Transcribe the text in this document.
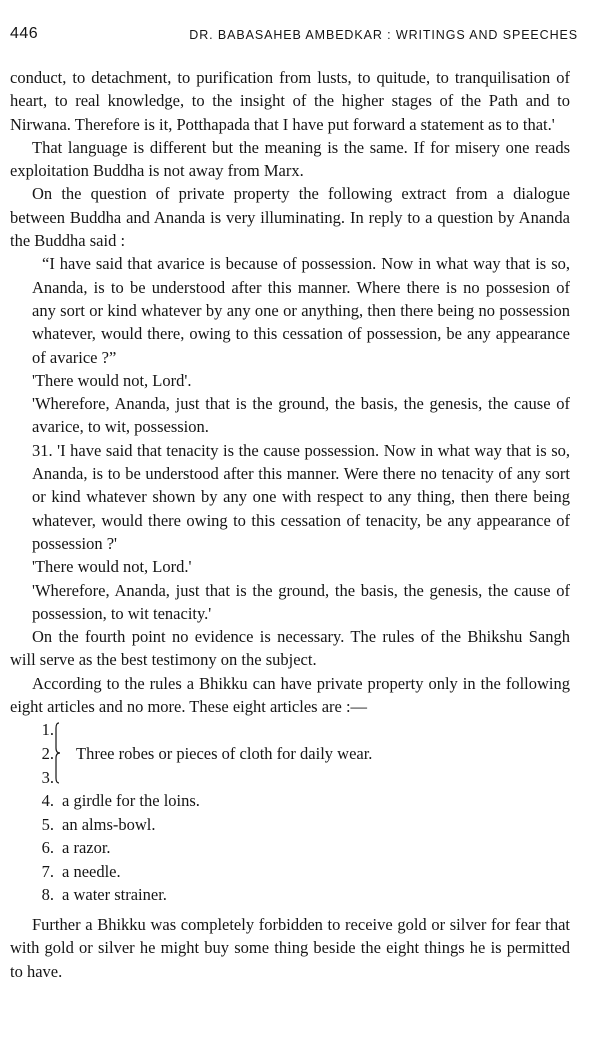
446	DR. BABASAHEB AMBEDKAR : WRITINGS AND SPEECHES

conduct, to detachment, to purification from lusts, to quitude, to tranquilisation of heart, to real knowledge, to the insight of the higher stages of the Path and to Nirwana. Therefore is it, Potthapada that I have put forward a statement as to that.'

That language is different but the meaning is the same. If for misery one reads exploitation Buddha is not away from Marx.

On the question of private property the following extract from a dialogue between Buddha and Ananda is very illuminating. In reply to a question by Ananda the Buddha said :

“I have said that avarice is because of possession. Now in what way that is so, Ananda, is to be understood after this manner. Where there is no possesion of any sort or kind whatever by any one or anything, then there being no possession whatever, would there, owing to this cessation of possession, be any appearance of avarice ?”

'There would not, Lord'.

'Wherefore, Ananda, just that is the ground, the basis, the genesis, the cause of avarice, to wit, possession.

31. 'I have said that tenacity is the cause possession. Now in what way that is so, Ananda, is to be understood after this manner. Were there no tenacity of any sort or kind whatever shown by any one with respect to any thing, then there being whatever, would there owing to this cessation of tenacity, be any appearance of possession ?'

'There would not, Lord.'

'Wherefore, Ananda, just that is the ground, the basis, the genesis, the cause of possession, to wit tenacity.'

On the fourth point no evidence is necessary. The rules of the Bhikshu Sangh will serve as the best testimony on the subject.

According to the rules a Bhikku can have private property only in the following eight articles and no more. These eight articles are :—

1.
2.
3.
Three robes or pieces of cloth for daily wear.
4. a girdle for the loins.
5. an alms-bowl.
6. a razor.
7. a needle.
8. a water strainer.

Further a Bhikku was completely forbidden to receive gold or silver for fear that with gold or silver he might buy some thing beside the eight things he is permitted to have.
